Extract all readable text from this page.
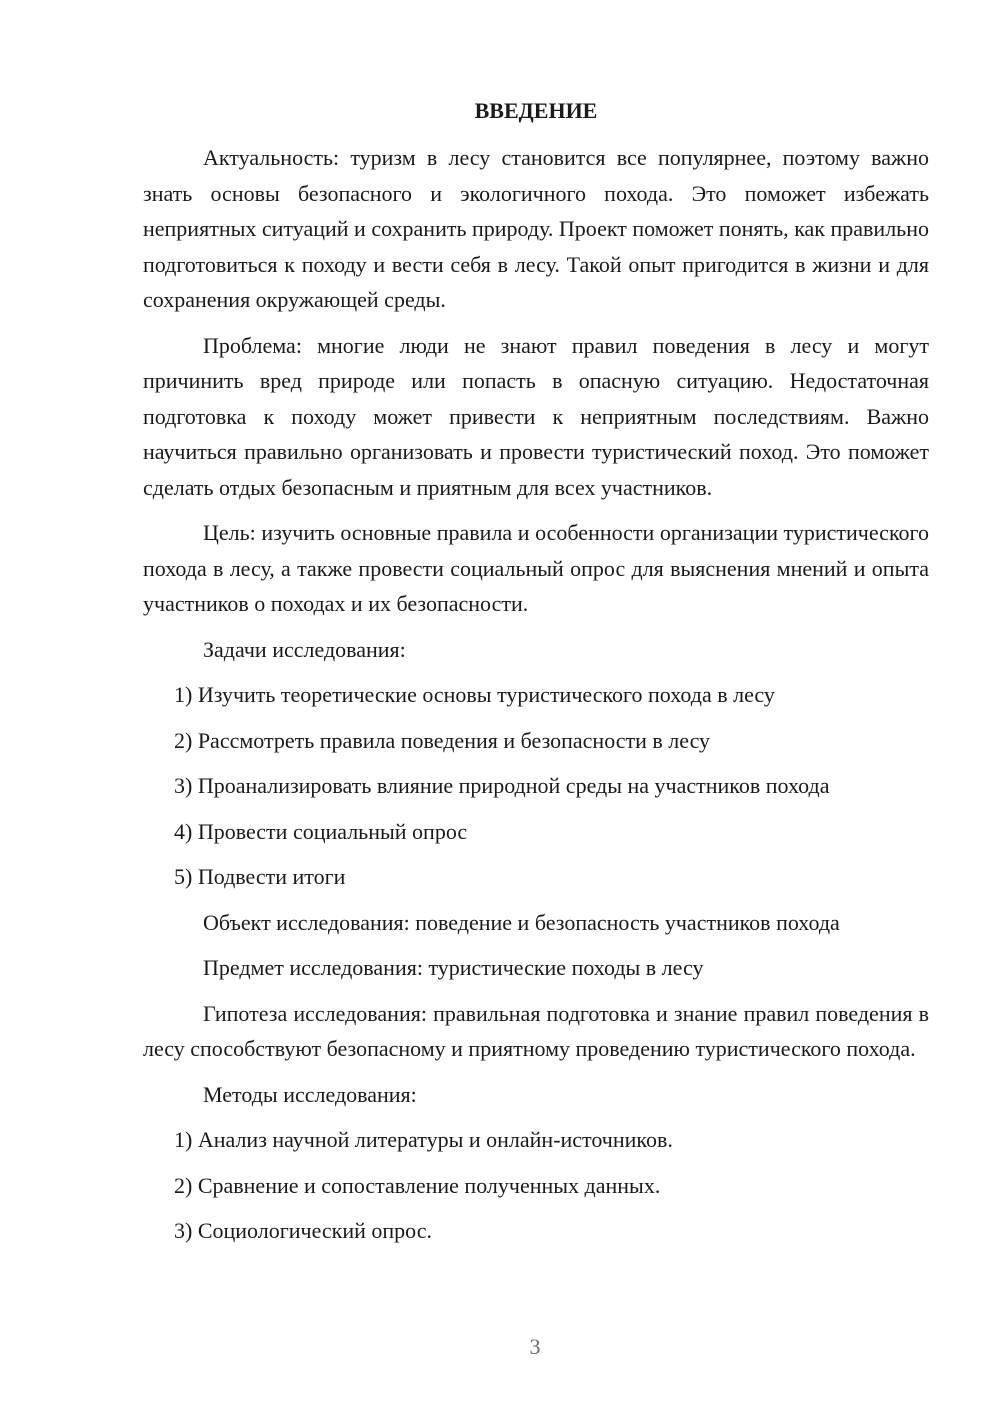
ВВЕДЕНИЕ

Актуальность: туризм в лесу становится все популярнее, поэтому важно знать основы безопасного и экологичного похода. Это поможет избежать неприятных ситуаций и сохранить природу. Проект поможет понять, как правильно подготовиться к походу и вести себя в лесу. Такой опыт пригодится в жизни и для сохранения окружающей среды.

Проблема: многие люди не знают правил поведения в лесу и могут причинить вред природе или попасть в опасную ситуацию. Недостаточная подготовка к походу может привести к неприятным последствиям. Важно научиться правильно организовать и провести туристический поход. Это поможет сделать отдых безопасным и приятным для всех участников.

Цель: изучить основные правила и особенности организации туристического похода в лесу, а также провести социальный опрос для выяснения мнений и опыта участников о походах и их безопасности.

Задачи исследования:
1) Изучить теоретические основы туристического похода в лесу
2) Рассмотреть правила поведения и безопасности в лесу
3) Проанализировать влияние природной среды на участников похода
4) Провести социальный опрос
5) Подвести итоги
Объект исследования: поведение и безопасность участников похода
Предмет исследования: туристические походы в лесу

Гипотеза исследования: правильная подготовка и знание правил поведения в лесу способствуют безопасному и приятному проведению туристического похода.

Методы исследования:
1) Анализ научной литературы и онлайн-источников.
2) Сравнение и сопоставление полученных данных.
3) Социологический опрос.
3
